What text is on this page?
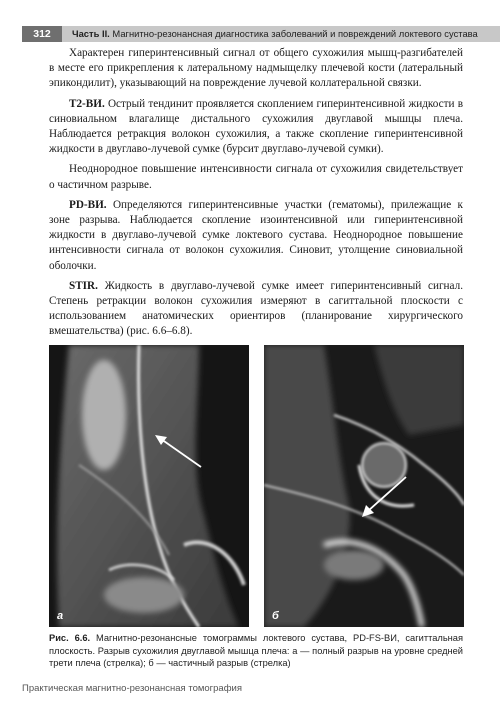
312	Часть II. Магнитно-резонансная диагностика заболеваний и повреждений локтевого сустава

Характерен гиперинтенсивный сигнал от общего сухожилия мышц-разгибателей в месте его прикрепления к латеральному надмыщелку плечевой кости (латеральный эпикондилит), указывающий на повреждение лучевой коллатеральной связки.

T2-ВИ. Острый тендинит проявляется скоплением гиперинтенсивной жидкости в синовиальном влагалище дистального сухожилия двуглавой мышцы плеча. Наблюдается ретракция волокон сухожилия, а также скопление гиперинтенсивной жидкости в двуглаво-лучевой сумке (бурсит двуглаво-лучевой сумки).

Неоднородное повышение интенсивности сигнала от сухожилия свидетельствует о частичном разрыве.

PD-ВИ. Определяются гиперинтенсивные участки (гематомы), прилежащие к зоне разрыва. Наблюдается скопление изоинтенсивной или гиперинтенсивной жидкости в двуглаво-лучевой сумке локтевого сустава. Неоднородное повышение интенсивности сигнала от волокон сухожилия. Синовит, утолщение синовиальной оболочки.

STIR. Жидкость в двуглаво-лучевой сумке имеет гиперинтенсивный сигнал. Степень ретракции волокон сухожилия измеряют в сагиттальной плоскости с использованием анатомических ориентиров (планирование хирургического вмешательства) (рис. 6.6–6.8).

а	б
Рис. 6.6. Магнитно-резонансные томограммы локтевого сустава, PD-FS-ВИ, сагиттальная плоскость. Разрыв сухожилия двуглавой мышца плеча: а — полный разрыв на уровне средней трети плеча (стрелка); б — частичный разрыв (стрелка)
Практическая магнитно-резонансная томография
